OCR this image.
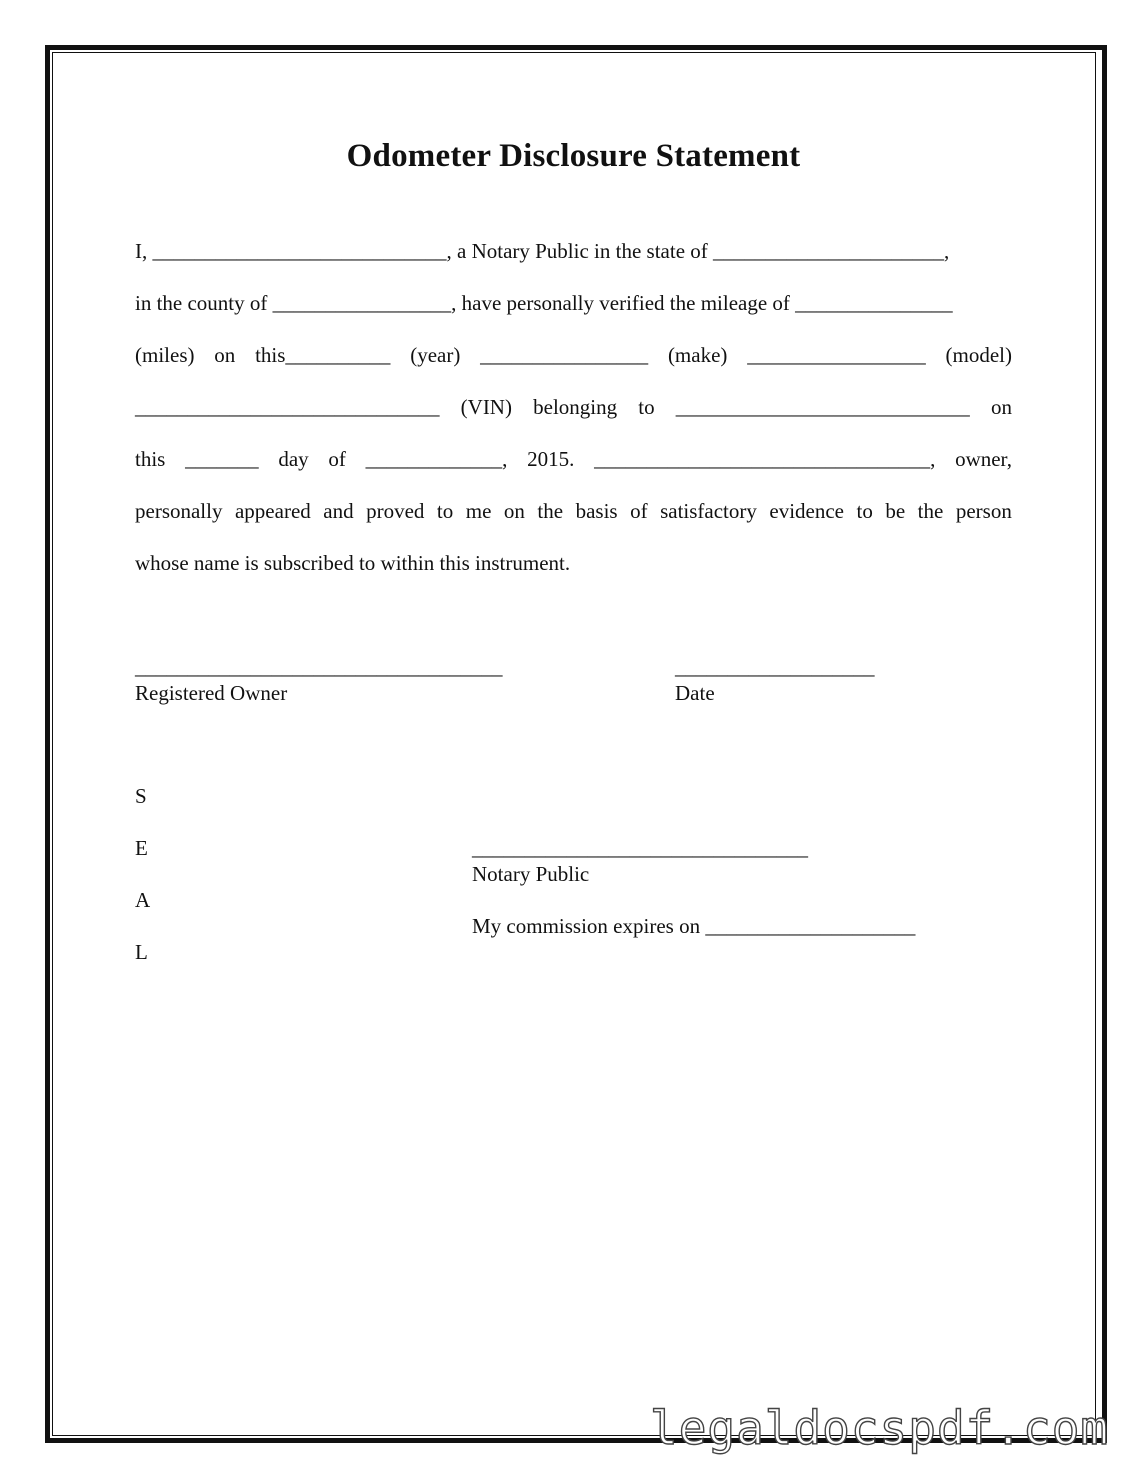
Odometer Disclosure Statement
I, ____________________________, a Notary Public in the state of ______________________,
in the county of _________________, have personally verified the mileage of _______________
(miles) on this__________ (year) ________________ (make) _________________ (model)
_____________________________ (VIN) belonging to ____________________________ on
this _______ day of _____________, 2015. ________________________________, owner,
personally appeared and proved to me on the basis of satisfactory evidence to be the person
whose name is subscribed to within this instrument.
___________________________________
Registered Owner
___________________
Date
S
E
A
L
________________________________
Notary Public
My commission expires on ____________________
legaldocspdf.com
